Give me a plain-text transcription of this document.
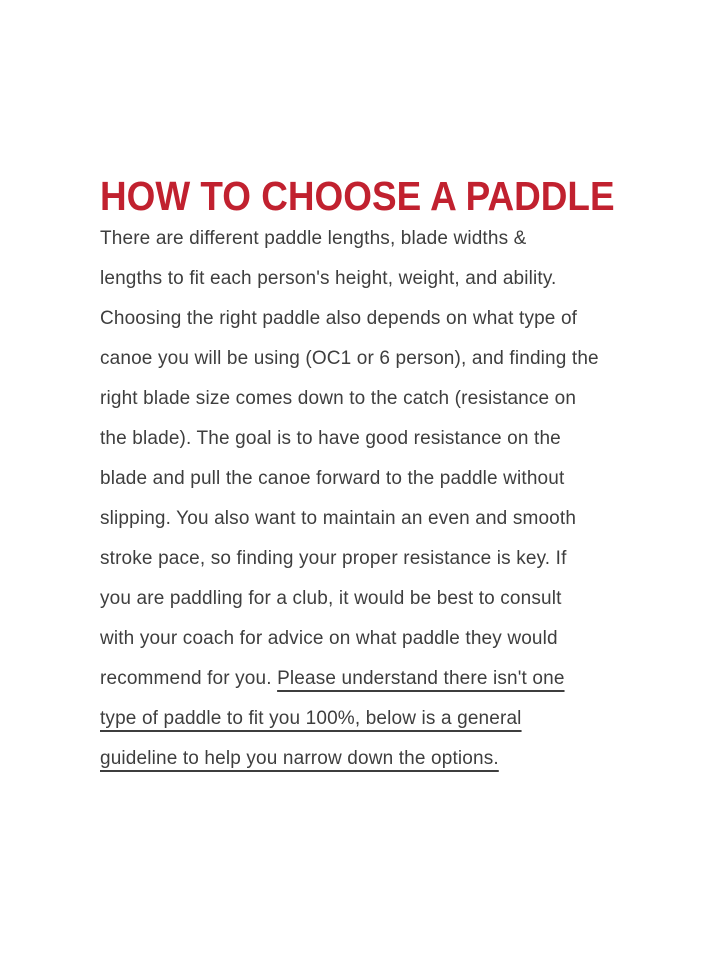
HOW TO CHOOSE A PADDLE
There are different paddle lengths, blade widths &
lengths to fit each person's height, weight, and ability.
Choosing the right paddle also depends on what type of
canoe you will be using (OC1 or 6 person), and finding the
right blade size comes down to the catch (resistance on
the blade). The goal is to have good resistance on the
blade and pull the canoe forward to the paddle without
slipping. You also want to maintain an even and smooth
stroke pace, so finding your proper resistance is key. If
you are paddling for a club, it would be best to consult
with your coach for advice on what paddle they would
recommend for you. Please understand there isn't one
type of paddle to fit you 100%, below is a general
guideline to help you narrow down the options.
